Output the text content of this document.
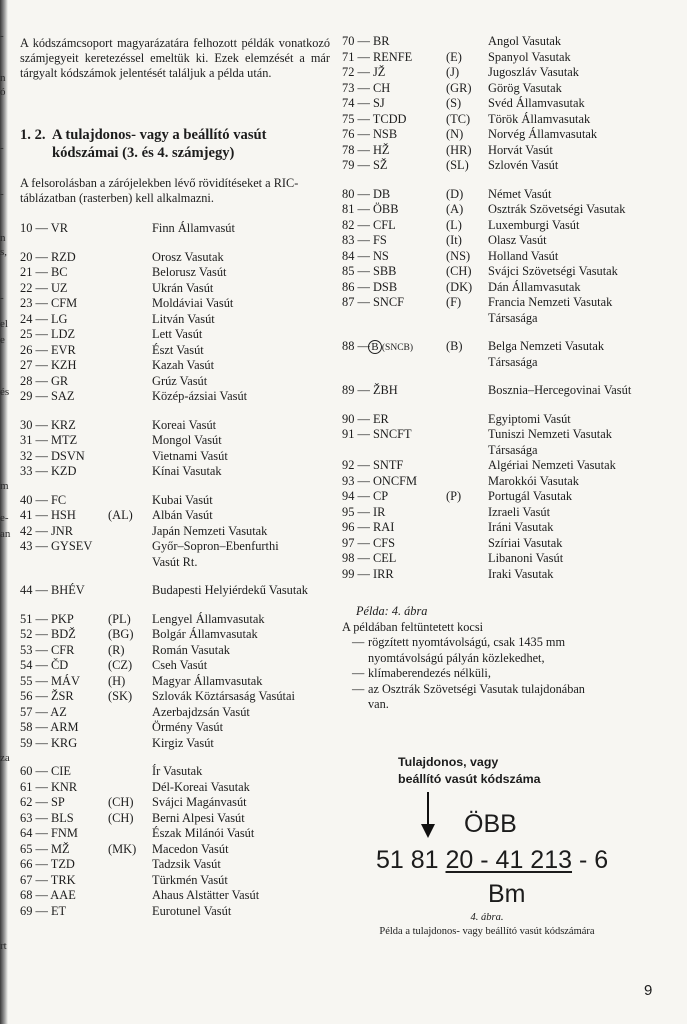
-
n
ó
-
-
n
s,
-
el
e
és
m
e-
an
za
rt
A kódszámcsoport magyarázatára felhozott példák vonatkozó számjegyeit keretezéssel emeltük ki. Ezek elemzését a már tárgyalt kódszámok jelentését találjuk a példa után.
1. 2. A tulajdonos- vagy a beállító vasút
kódszámai (3. és 4. számjegy)
A felsorolásban a zárójelekben lévő rövidítéseket a RIC-táblázatban (rasterben) kell alkalmazni.
10 — VR	Finn Államvasút
20 — RZD	Orosz Vasutak
21 — BC	Belorusz Vasút
22 — UZ	Ukrán Vasút
23 — CFM	Moldáviai Vasút
24 — LG	Litván Vasút
25 — LDZ	Lett Vasút
26 — EVR	Észt Vasút
27 — KZH	Kazah Vasút
28 — GR	Grúz Vasút
29 — SAZ	Közép-ázsiai Vasút
30 — KRZ	Koreai Vasút
31 — MTZ	Mongol Vasút
32 — DSVN	Vietnami Vasút
33 — KZD	Kínai Vasutak
40 — FC	Kubai Vasút
41 — HSH	(AL) Albán Vasút
42 — JNR	Japán Nemzeti Vasutak
43 — GYSEV	Győr–Sopron–Ebenfurthi
Vasút Rt.
44 — BHÉV	Budapesti Helyiérdekű Vasutak
51 — PKP	(PL) Lengyel Államvasutak
52 — BDŽ	(BG) Bolgár Államvasutak
53 — CFR	(R) Román Vasutak
54 — ČD	(CZ) Cseh Vasút
55 — MÁV (H) Magyar Államvasutak
56 — ŽSR	(SK) Szlovák Köztársaság Vasútai
57 — AZ	Azerbajdzsán Vasút
58 — ARM	Örmény Vasút
59 — KRG	Kirgiz Vasút
60 — CIE	Ír Vasutak
61 — KNR	Dél-Koreai Vasutak
62 — SP	(CH) Svájci Magánvasút
63 — BLS	(CH) Berni Alpesi Vasút
64 — FNM	Észak Milánói Vasút
65 — MŽ	(MK) Macedon Vasút
66 — TZD	Tadzsik Vasút
67 — TRK	Türkmén Vasút
68 — AAE	Ahaus Alstätter Vasút
69 — ET	Eurotunel Vasút
70 — BR	Angol Vasutak
71 — RENFE	(E) Spanyol Vasutak
72 — JŽ	(J) Jugoszláv Vasutak
73 — CH	(GR) Görög Vasutak
74 — SJ	(S) Svéd Államvasutak
75 — TCDD	(TC) Török Államvasutak
76 — NSB	(N) Norvég Államvasutak
78 — HŽ	(HR) Horvát Vasút
79 — SŽ	(SL) Szlovén Vasút
80 — DB	(D) Német Vasút
81 — ÖBB	(A) Osztrák Szövetségi Vasutak
82 — CFL	(L) Luxemburgi Vasút
83 — FS	(It) Olasz Vasút
84 — NS	(NS) Holland Vasút
85 — SBB	(CH) Svájci Szövetségi Vasutak
86 — DSB	(DK) Dán Államvasutak
87 — SNCF	(F) Francia Nemzeti Vasutak
Társasága
88 —B (SNCB)	(B) Belga Nemzeti Vasutak
Társasága
89 — ŽBH	Bosznia–Hercegovinai Vasút
90 — ER	Egyiptomi Vasút
91 — SNCFT	Tuniszi Nemzeti Vasutak
Társasága
92 — SNTF	Algériai Nemzeti Vasutak
93 — ONCFM	Marokkói Vasutak
94 — CP	(P) Portugál Vasutak
95 — IR	Izraeli Vasút
96 — RAI	Iráni Vasutak
97 — CFS	Szíriai Vasutak
98 — CEL	Libanoni Vasút
99 — IRR	Iraki Vasutak
Példa: 4. ábra
A példában feltüntetett kocsi
— rögzített nyomtávolságú, csak 1435 mm
nyomtávolságú pályán közlekedhet,
— klímaberendezés nélküli,
— az Osztrák Szövetségi Vasutak tulajdonában
van.
Tulajdonos, vagy
beállító vasút kódszáma
ÖBB
51 81 20 - 41 213 - 6
Bm
4. ábra.
Példa a tulajdonos- vagy beállító vasút kódszámára
9
